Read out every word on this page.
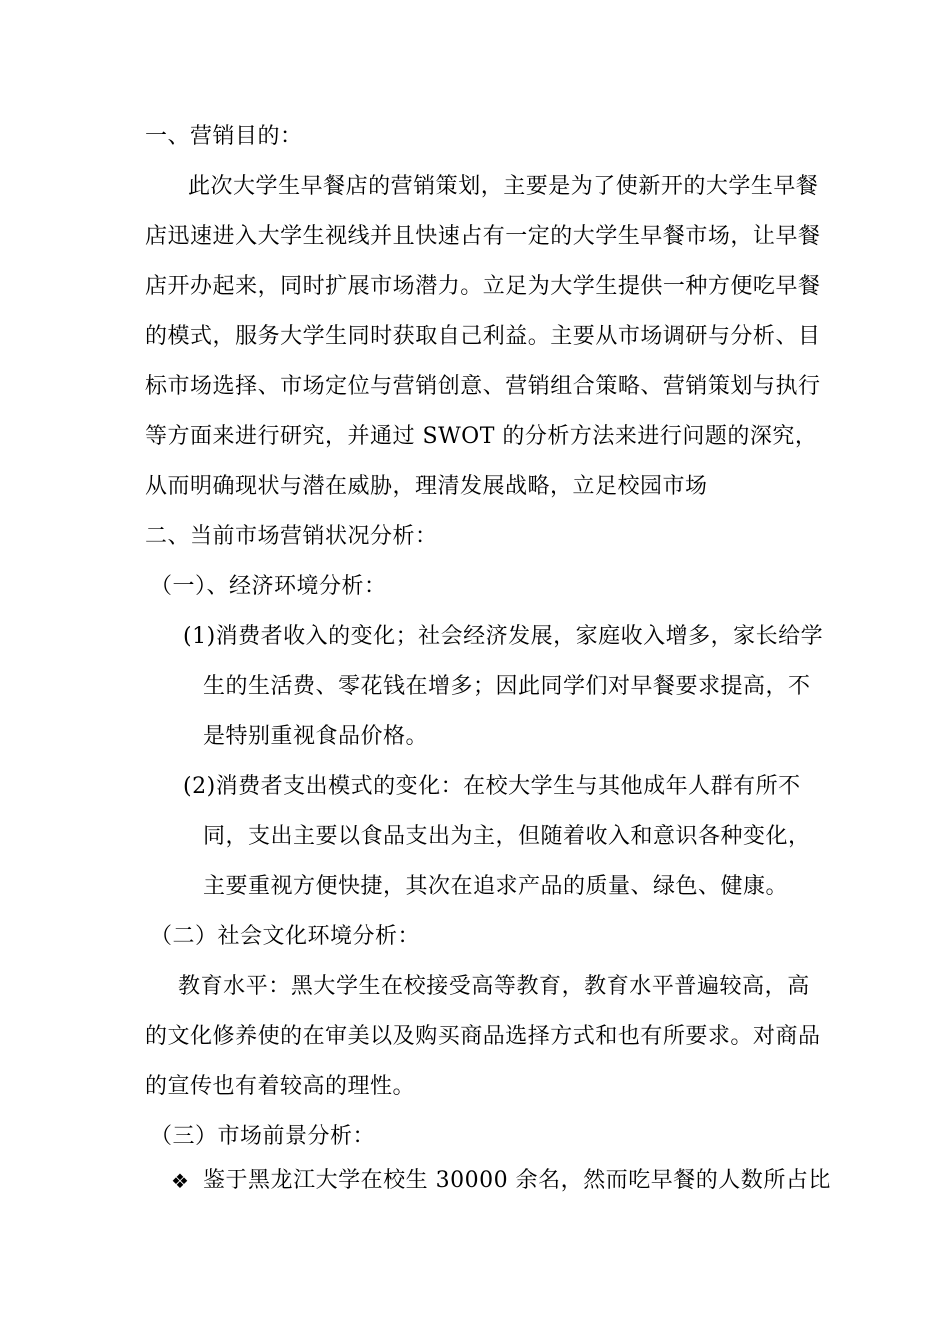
一、营销目的：
此 次 大 学 生 早 餐 店 的 营 销 策 划 ， 主 要 是 为 了 使 新 开 的 大 学 生 早 餐
店 迅 速 进 入 大 学 生 视 线 并 且 快 速 占 有 一 定 的 大 学 生 早 餐 市 场 ， 让 早 餐
店 开 办 起 来 ， 同 时 扩 展 市 场 潜 力 。 立 足 为 大 学 生 提 供 一 种 方 便 吃 早 餐
的 模 式 ， 服 务 大 学 生 同 时 获 取 自 己 利 益 。 主 要 从 市 场 调 研 与 分 析 、 目
标 市 场 选 择 、 市 场 定 位 与 营 销 创 意 、 营 销 组 合 策 略 、 营 销 策 划 与 执 行
等方面来进行研究，并通过 SWOT 的分析方法来进行问题的深究，
从而明确现状与潜在威胁，理清发展战略，立足校园市场
二、当前市场营销状况分析：
（一）、经济环境分析：
(1)消费者收入的变化；社会经济发展，家庭收入增多，家长给学
生的生活费、零花钱在增多；因此同学们对早餐要求提高，不
是特别重视食品价格。
(2)消费者支出模式的变化：在校大学生与其他成年人群有所不
同，支出主要以食品支出为主，但随着收入和意识各种变化，
主要重视方便快捷，其次在追求产品的质量、绿色、健康。
（二）社会文化环境分析：
教 育 水 平 ： 黑 大 学 生 在 校 接 受 高 等 教 育 ， 教 育 水 平 普 遍 较 高 ， 高
的 文 化 修 养 使 的 在 审 美 以 及 购 买 商 品 选 择 方 式 和 也 有 所 要 求 。 对 商 品
的宣传也有着较高的理性。
（三）市场前景分析：
❖ 鉴 于 黑 龙 江 大 学 在 校 生 30000 余 名 ， 然 而 吃 早 餐 的 人 数 所 占 比
